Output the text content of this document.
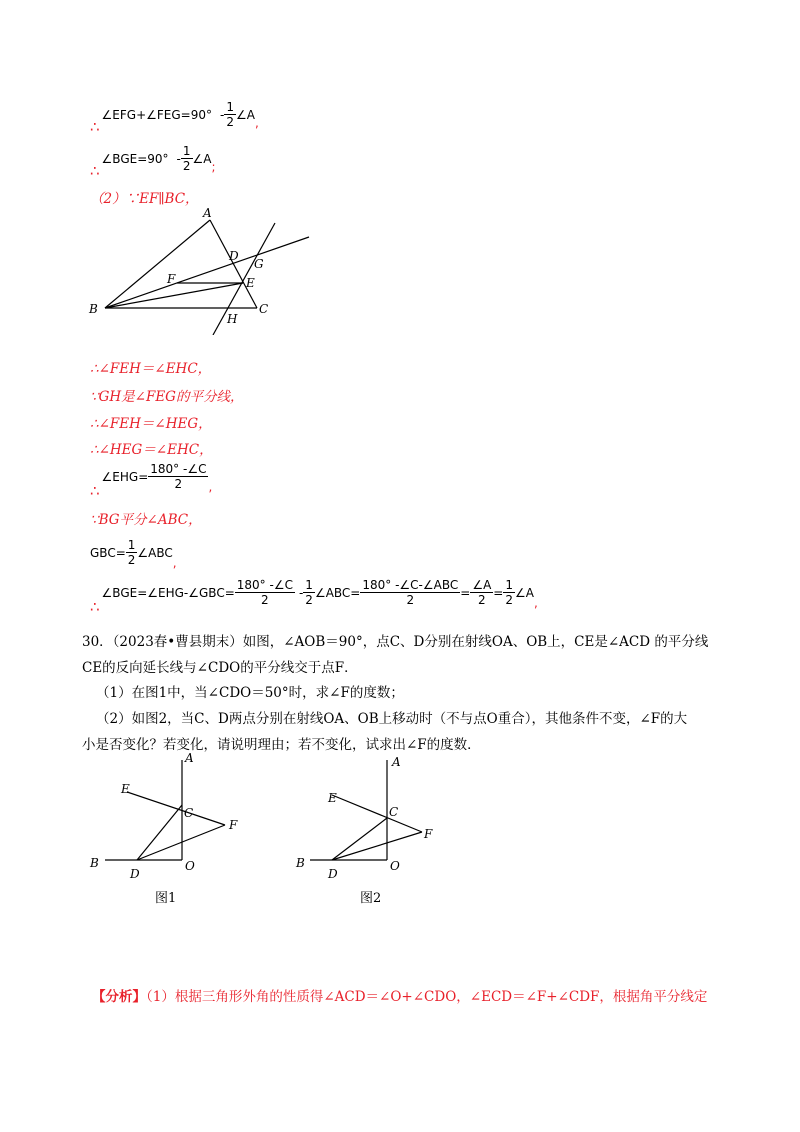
∴
∠EFG+∠FEG=90° - $\frac{1}{2}$ ∠A
,
∴
∠BGE=90° - $\frac{1}{2}$ ∠A
;
（2）∵EF∥BC，
A
B	C
D
E
F
G
H
∴∠FEH＝∠EHC，
∵GH是∠FEG的平分线，
∴∠FEH＝∠HEG，
∴∠HEG＝∠EHC，
∴
∠EHG= $\frac{180^\circ -\angle C}{2}$ ,
∵BG平分∠ABC，
$GBC= \frac{1}{2}$ ∠ABC
,
∴
∠BGE=∠EHG-∠GBC= $\frac{180^\circ -\angle C}{2} - \frac{1}{2}$ ∠ABC= $\frac{\text{180° -∠C-∠ABC}}{2} = \frac{\angle A}{2} = \frac{1}{2}$ ∠A
,
30．（2023春•曹县期末）如图，∠AOB＝90°，点C、D分别在射线OA、OB上，CE是∠ACD 的平分线
CE的反向延长线与∠CDO的平分线交于点F．
（1）在图1中，当∠CDO＝50°时，求∠F的度数；
（2）如图2，当C、D两点分别在射线OA、OB上移动时（不与点O重合），其他条件不变，∠F的大
小是否变化？若变化，请说明理由；若不变化，试求出∠F的度数．
A
B
C
D
E
F
O
图1
A
B
C
D
E
F
O
图2
【分析】（1）根据三角形外角的性质得∠ACD＝∠O+∠CDO，∠ECD＝∠F+∠CDF，根据角平分线定
